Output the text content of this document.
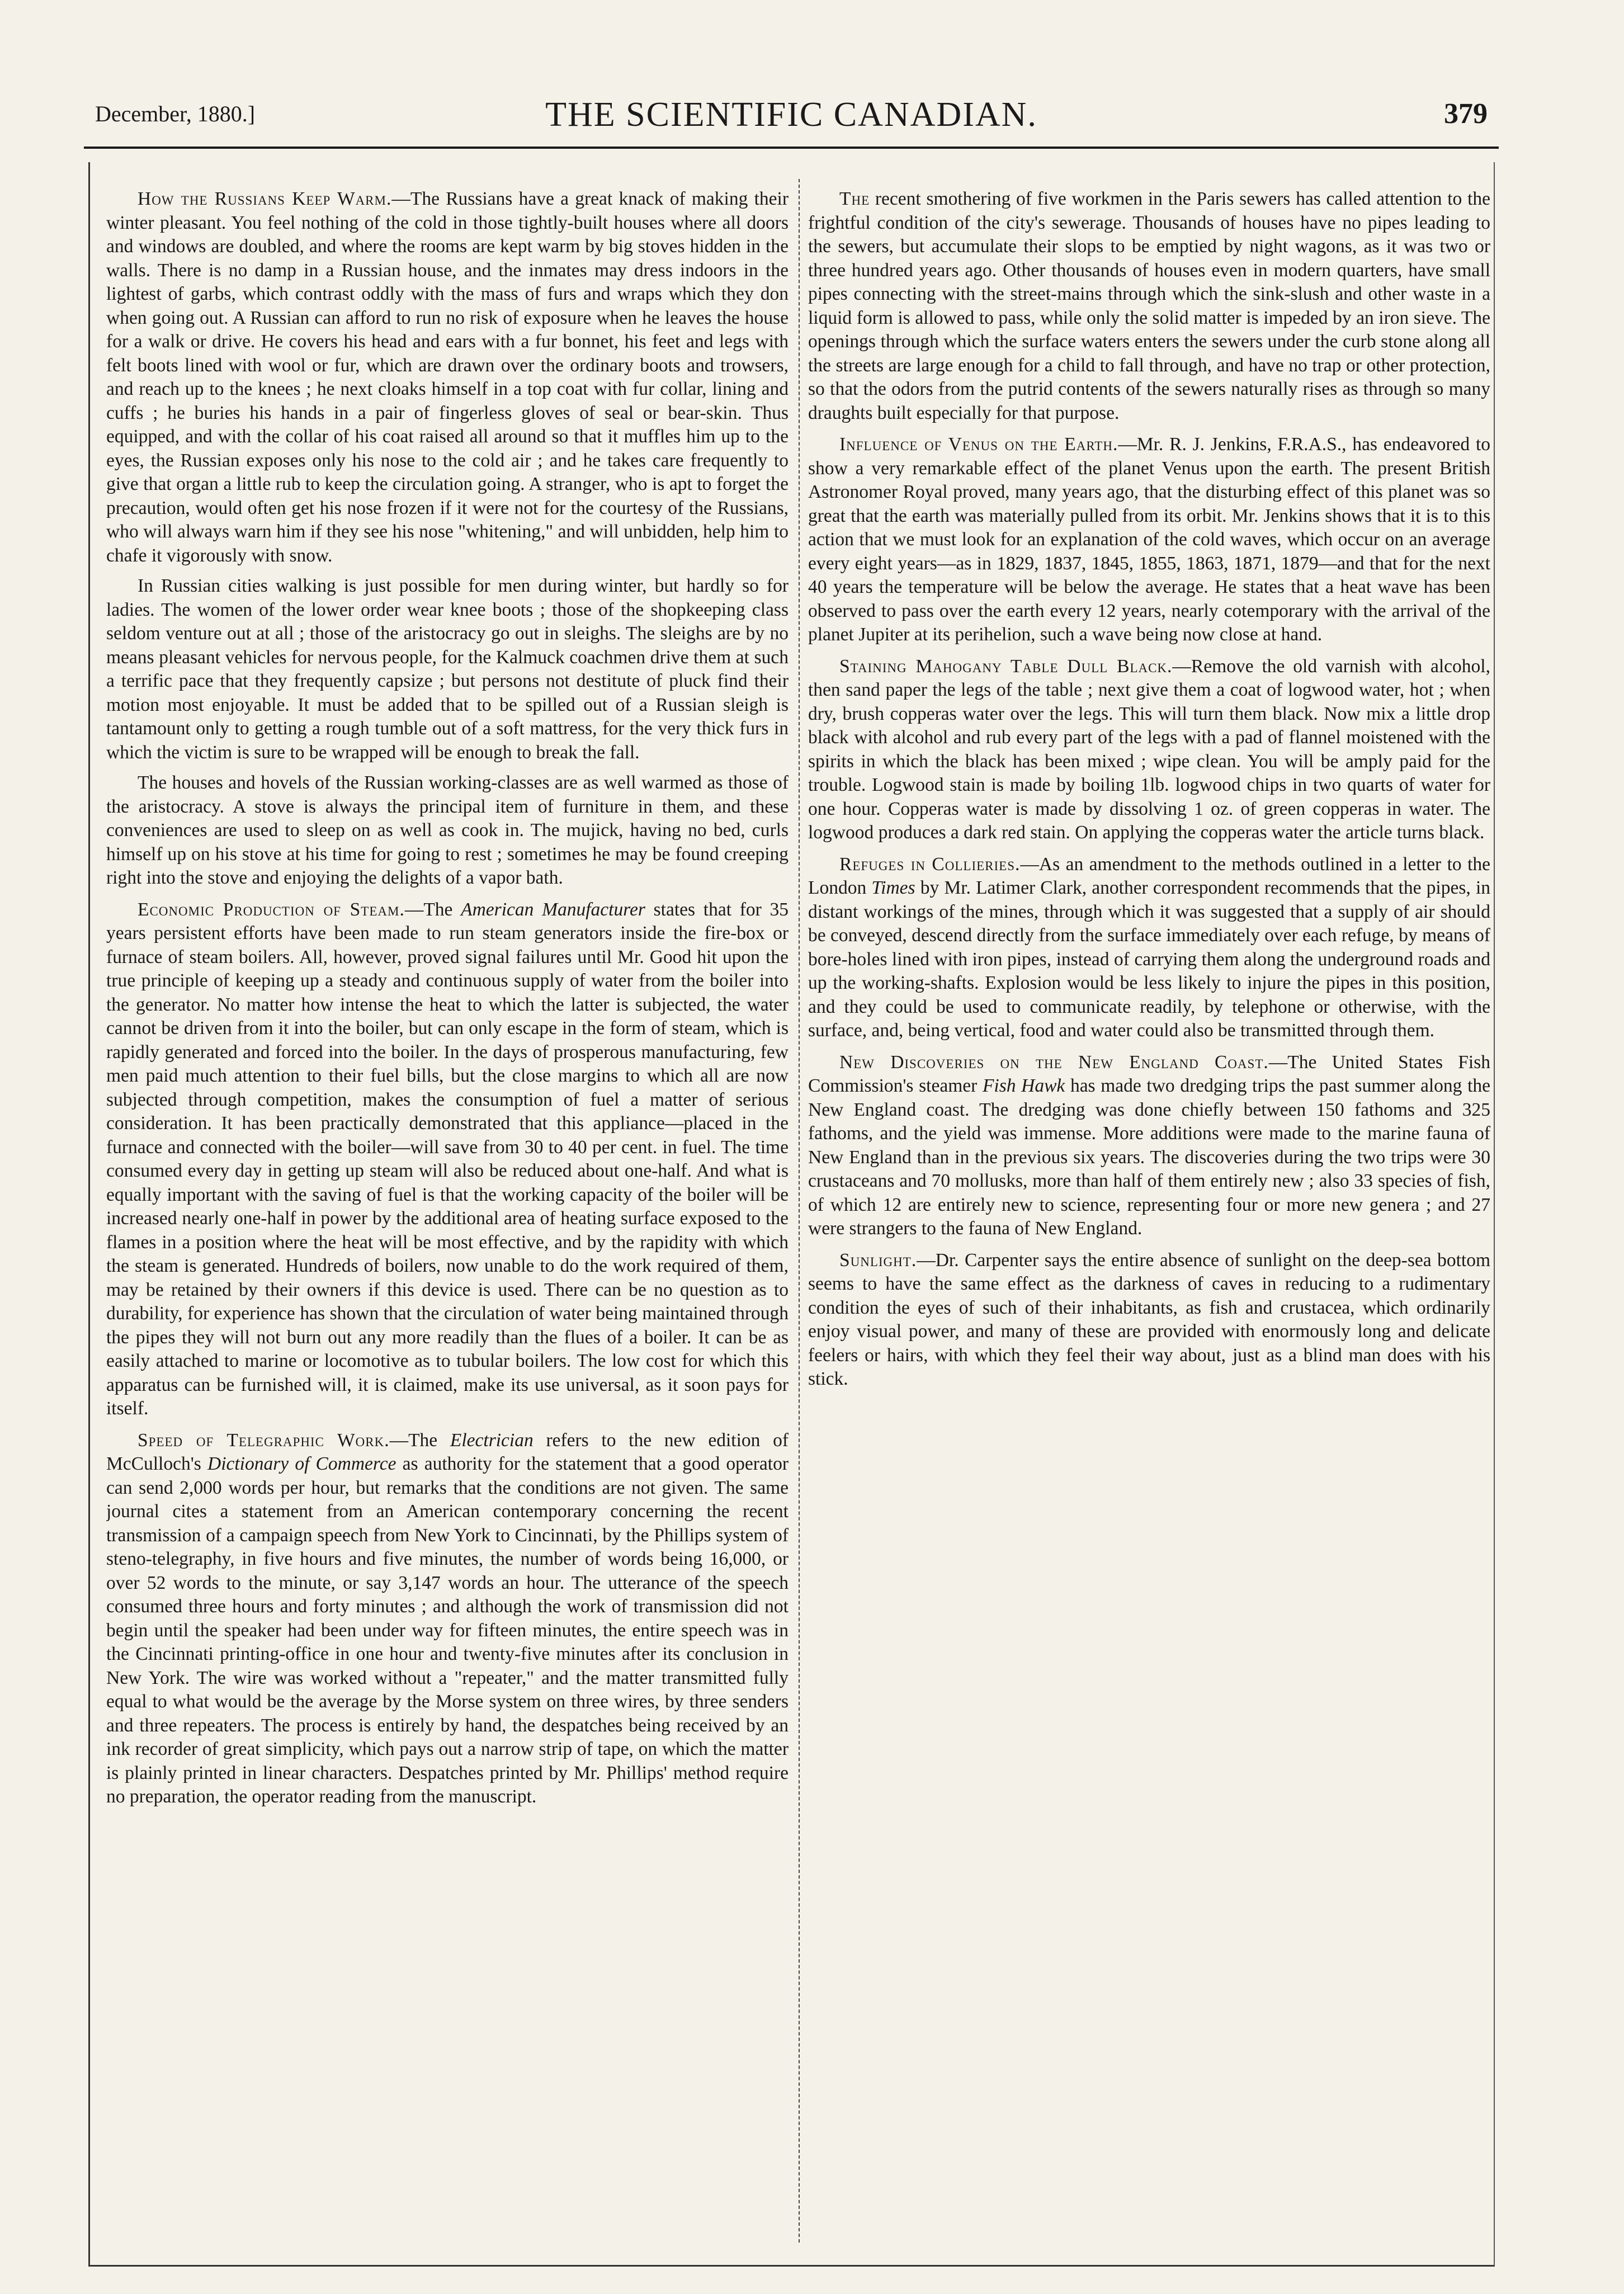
December, 1880.]	THE SCIENTIFIC CANADIAN.	379

How the Russians Keep Warm.—The Russians have a great knack of making their winter pleasant. You feel nothing of the cold in those tightly-built houses where all doors and windows are doubled, and where the rooms are kept warm by big stoves hidden in the walls. There is no damp in a Russian house, and the inmates may dress indoors in the lightest of garbs, which contrast oddly with the mass of furs and wraps which they don when going out. A Russian can afford to run no risk of exposure when he leaves the house for a walk or drive. He covers his head and ears with a fur bonnet, his feet and legs with felt boots lined with wool or fur, which are drawn over the ordinary boots and trowsers, and reach up to the knees ; he next cloaks himself in a top coat with fur collar, lining and cuffs ; he buries his hands in a pair of fingerless gloves of seal or bear-skin. Thus equipped, and with the collar of his coat raised all around so that it muffles him up to the eyes, the Russian exposes only his nose to the cold air ; and he takes care frequently to give that organ a little rub to keep the circulation going. A stranger, who is apt to forget the precaution, would often get his nose frozen if it were not for the courtesy of the Russians, who will always warn him if they see his nose "whitening," and will unbidden, help him to chafe it vigorously with snow.

In Russian cities walking is just possible for men during winter, but hardly so for ladies. The women of the lower order wear knee boots ; those of the shopkeeping class seldom venture out at all ; those of the aristocracy go out in sleighs. The sleighs are by no means pleasant vehicles for nervous people, for the Kalmuck coachmen drive them at such a terrific pace that they frequently capsize ; but persons not destitute of pluck find their motion most enjoyable. It must be added that to be spilled out of a Russian sleigh is tantamount only to getting a rough tumble out of a soft mattress, for the very thick furs in which the victim is sure to be wrapped will be enough to break the fall.

The houses and hovels of the Russian working-classes are as well warmed as those of the aristocracy. A stove is always the principal item of furniture in them, and these conveniences are used to sleep on as well as cook in. The mujick, having no bed, curls himself up on his stove at his time for going to rest ; sometimes he may be found creeping right into the stove and enjoying the delights of a vapor bath.

Economic Production of Steam.—The American Manufacturer states that for 35 years persistent efforts have been made to run steam generators inside the fire-box or furnace of steam boilers. All, however, proved signal failures until Mr. Good hit upon the true principle of keeping up a steady and continuous supply of water from the boiler into the generator. No matter how intense the heat to which the latter is subjected, the water cannot be driven from it into the boiler, but can only escape in the form of steam, which is rapidly generated and forced into the boiler. In the days of prosperous manufacturing, few men paid much attention to their fuel bills, but the close margins to which all are now subjected through competition, makes the consumption of fuel a matter of serious consideration. It has been practically demonstrated that this appliance—placed in the furnace and connected with the boiler—will save from 30 to 40 per cent. in fuel. The time consumed every day in getting up steam will also be reduced about one-half. And what is equally important with the saving of fuel is that the working capacity of the boiler will be increased nearly one-half in power by the additional area of heating surface exposed to the flames in a position where the heat will be most effective, and by the rapidity with which the steam is generated. Hundreds of boilers, now unable to do the work required of them, may be retained by their owners if this device is used. There can be no question as to durability, for experience has shown that the circulation of water being maintained through the pipes they will not burn out any more readily than the flues of a boiler. It can be as easily attached to marine or locomotive as to tubular boilers. The low cost for which this apparatus can be furnished will, it is claimed, make its use universal, as it soon pays for itself.

Speed of Telegraphic Work.—The Electrician refers to the new edition of McCulloch's Dictionary of Commerce as authority for the statement that a good operator can send 2,000 words per hour, but remarks that the conditions are not given. The same journal cites a statement from an American contemporary concerning the recent transmission of a campaign speech from New York to Cincinnati, by the Phillips system of steno-telegraphy, in five hours and five minutes, the number of words being 16,000, or over 52 words to the minute, or say 3,147 words an hour. The utterance of the speech consumed three hours and forty minutes ; and although the work of transmission did not begin until the speaker had been under way for fifteen minutes, the entire speech was in the Cincinnati printing-office in one hour and twenty-five minutes after its conclusion in New York. The wire was worked without a "repeater," and the matter transmitted fully equal to what would be the average by the Morse system on three wires, by three senders and three repeaters. The process is entirely by hand, the despatches being received by an ink recorder of great simplicity, which pays out a narrow strip of tape, on which the matter is plainly printed in linear characters. Despatches printed by Mr. Phillips' method require no preparation, the operator reading from the manuscript.

The recent smothering of five workmen in the Paris sewers has called attention to the frightful condition of the city's sewerage. Thousands of houses have no pipes leading to the sewers, but accumulate their slops to be emptied by night wagons, as it was two or three hundred years ago. Other thousands of houses even in modern quarters, have small pipes connecting with the street-mains through which the sink-slush and other waste in a liquid form is allowed to pass, while only the solid matter is impeded by an iron sieve. The openings through which the surface waters enters the sewers under the curb stone along all the streets are large enough for a child to fall through, and have no trap or other protection, so that the odors from the putrid contents of the sewers naturally rises as through so many draughts built especially for that purpose.

Influence of Venus on the Earth.—Mr. R. J. Jenkins, F.R.A.S., has endeavored to show a very remarkable effect of the planet Venus upon the earth. The present British Astronomer Royal proved, many years ago, that the disturbing effect of this planet was so great that the earth was materially pulled from its orbit. Mr. Jenkins shows that it is to this action that we must look for an explanation of the cold waves, which occur on an average every eight years—as in 1829, 1837, 1845, 1855, 1863, 1871, 1879—and that for the next 40 years the temperature will be below the average. He states that a heat wave has been observed to pass over the earth every 12 years, nearly cotemporary with the arrival of the planet Jupiter at its perihelion, such a wave being now close at hand.

Staining Mahogany Table Dull Black.—Remove the old varnish with alcohol, then sand paper the legs of the table ; next give them a coat of logwood water, hot ; when dry, brush copperas water over the legs. This will turn them black. Now mix a little drop black with alcohol and rub every part of the legs with a pad of flannel moistened with the spirits in which the black has been mixed ; wipe clean. You will be amply paid for the trouble. Logwood stain is made by boiling 1lb. logwood chips in two quarts of water for one hour. Copperas water is made by dissolving 1 oz. of green copperas in water. The logwood produces a dark red stain. On applying the copperas water the article turns black.

Refuges in Collieries.—As an amendment to the methods outlined in a letter to the London Times by Mr. Latimer Clark, another correspondent recommends that the pipes, in distant workings of the mines, through which it was suggested that a supply of air should be conveyed, descend directly from the surface immediately over each refuge, by means of bore-holes lined with iron pipes, instead of carrying them along the underground roads and up the working-shafts. Explosion would be less likely to injure the pipes in this position, and they could be used to communicate readily, by telephone or otherwise, with the surface, and, being vertical, food and water could also be transmitted through them.

New Discoveries on the New England Coast.—The United States Fish Commission's steamer Fish Hawk has made two dredging trips the past summer along the New England coast. The dredging was done chiefly between 150 fathoms and 325 fathoms, and the yield was immense. More additions were made to the marine fauna of New England than in the previous six years. The discoveries during the two trips were 30 crustaceans and 70 mollusks, more than half of them entirely new ; also 33 species of fish, of which 12 are entirely new to science, representing four or more new genera ; and 27 were strangers to the fauna of New England.

Sunlight.—Dr. Carpenter says the entire absence of sunlight on the deep-sea bottom seems to have the same effect as the darkness of caves in reducing to a rudimentary condition the eyes of such of their inhabitants, as fish and crustacea, which ordinarily enjoy visual power, and many of these are provided with enormously long and delicate feelers or hairs, with which they feel their way about, just as a blind man does with his stick.
